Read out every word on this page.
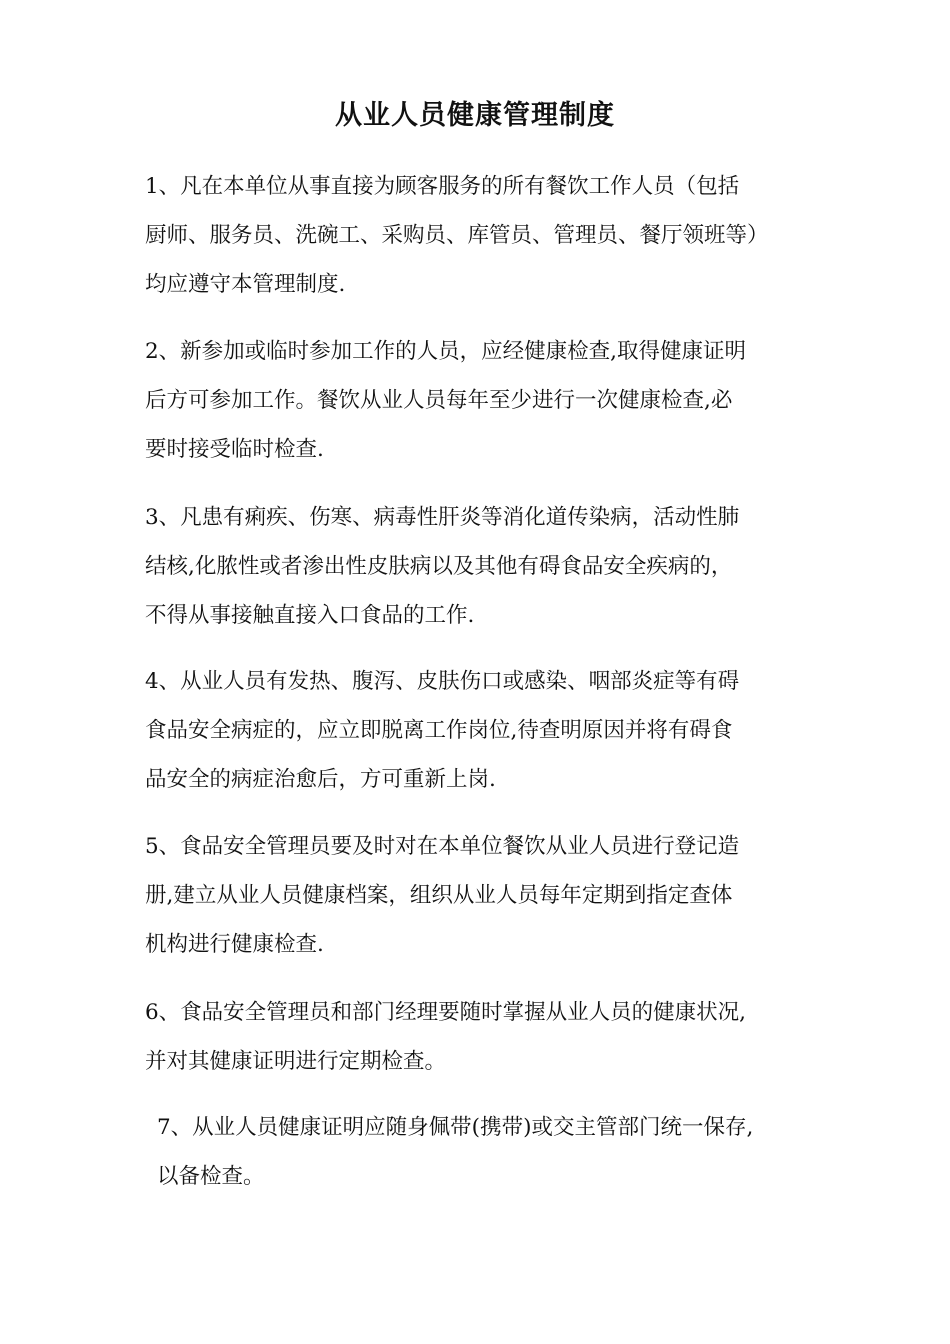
从业人员健康管理制度

1、凡在本单位从事直接为顾客服务的所有餐饮工作人员（包括
厨师、服务员、洗碗工、采购员、库管员、管理员、餐厅领班等）
均应遵守本管理制度.

2、新参加或临时参加工作的人员，应经健康检查,取得健康证明
后方可参加工作。餐饮从业人员每年至少进行一次健康检查,必
要时接受临时检查.

3、凡患有痢疾、伤寒、病毒性肝炎等消化道传染病，活动性肺
结核,化脓性或者渗出性皮肤病以及其他有碍食品安全疾病的，
不得从事接触直接入口食品的工作.

4、从业人员有发热、腹泻、皮肤伤口或感染、咽部炎症等有碍
食品安全病症的，应立即脱离工作岗位,待查明原因并将有碍食
品安全的病症治愈后，方可重新上岗.

5、食品安全管理员要及时对在本单位餐饮从业人员进行登记造
册,建立从业人员健康档案，组织从业人员每年定期到指定查体
机构进行健康检查.

6、食品安全管理员和部门经理要随时掌握从业人员的健康状况,
并对其健康证明进行定期检查。

7、从业人员健康证明应随身佩带(携带)或交主管部门统一保存,
以备检查。
